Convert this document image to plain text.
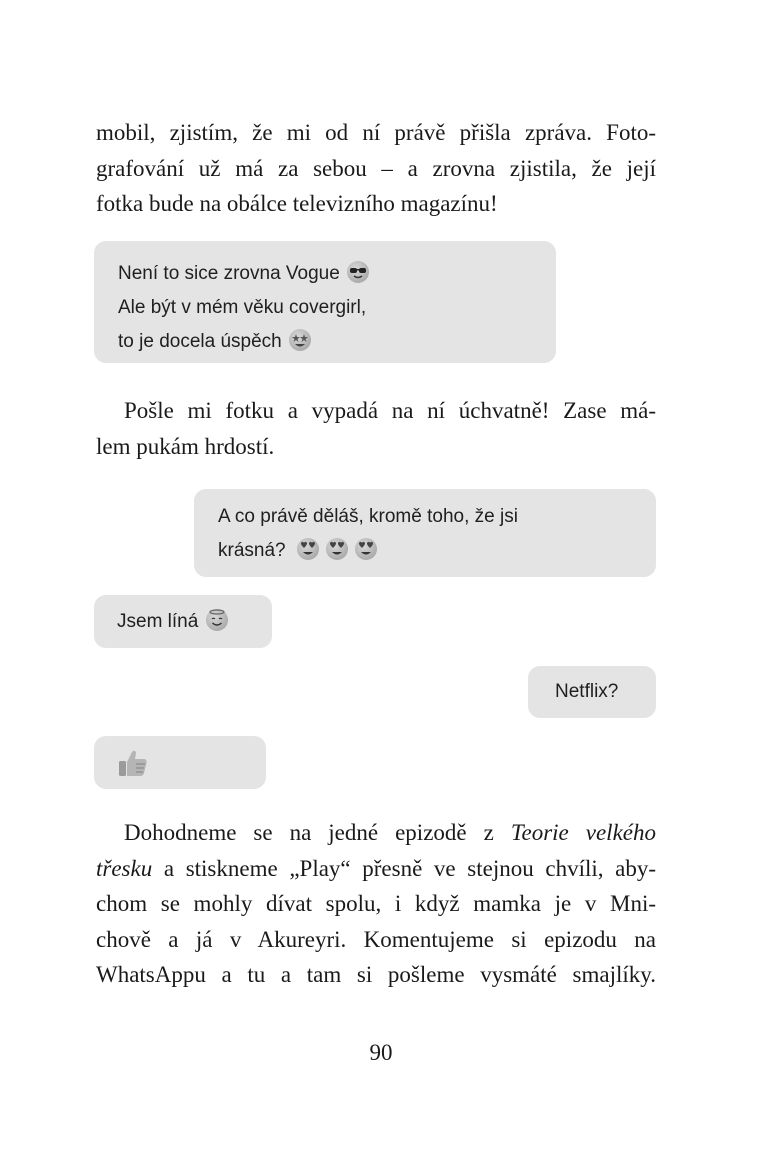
mobil, zjistím, že mi od ní právě přišla zpráva. Foto-
grafování už má za sebou – a zrovna zjistila, že její
fotka bude na obálce televizního magazínu!
Není to sice zrovna Vogue
Ale být v mém věku covergirl,
to je docela úspěch
Pošle mi fotku a vypadá na ní úchvatně! Zase má-
lem pukám hrdostí.
A co právě děláš, kromě toho, že jsi
krásná?

Jsem líná
Netflix?
Dohodneme se na jedné epizodě z Teorie velkého
třesku a stiskneme „Play“ přesně ve stejnou chvíli, aby-
chom se mohly dívat spolu, i když mamka je v Mni-
chově a já v Akureyri. Komentujeme si epizodu na
WhatsAppu a tu a tam si pošleme vysmáté smajlíky.
90
